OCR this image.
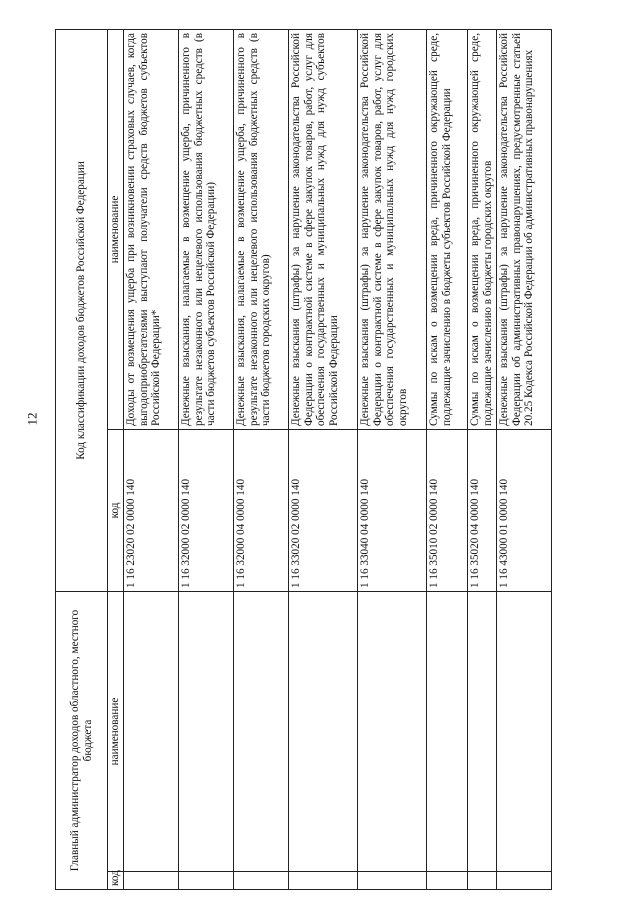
12
Главный администратор доходов областного, местного бюджета		Код классификации доходов бюджетов Российской Федерации	
код	наименование	код	наименование
		1 16 23020 02 0000 140	Доходы от возмещения ущерба при возникновении страховых случаев, когда выгодоприобретателями выступают получатели средств бюджетов субъектов Российской Федерации*
		1 16 32000 02 0000 140	Денежные взыскания, налагаемые в возмещение ущерба, причиненного в результате незаконного или нецелевого использования бюджетных средств (в части бюджетов субъектов Российской Федерации)
		1 16 32000 04 0000 140	Денежные взыскания, налагаемые в возмещение ущерба, причиненного в результате незаконного или нецелевого использования бюджетных средств (в части бюджетов городских округов)
		1 16 33020 02 0000 140	Денежные взыскания (штрафы) за нарушение законодательства Российской Федерации о контрактной системе в сфере закупок товаров, работ, услуг для обеспечения государственных и муниципальных нужд для нужд субъектов Российской Федерации
		1 16 33040 04 0000 140	Денежные взыскания (штрафы) за нарушение законодательства Российской Федерации о контрактной системе в сфере закупок товаров, работ, услуг для обеспечения государственных и муниципальных нужд для нужд городских округов
		1 16 35010 02 0000 140	Суммы по искам о возмещении вреда, причиненного окружающей среде, подлежащие зачислению в бюджеты субъектов Российской Федерации
		1 16 35020 04 0000 140	Суммы по искам о возмещении вреда, причиненного окружающей среде, подлежащие зачислению в бюджеты городских округов
		1 16 43000 01 0000 140	Денежные взыскания (штрафы) за нарушение законодательства Российской Федерации об административных правонарушениях, предусмотренные статьей 20.25 Кодекса Российской Федерации об административных правонарушениях
